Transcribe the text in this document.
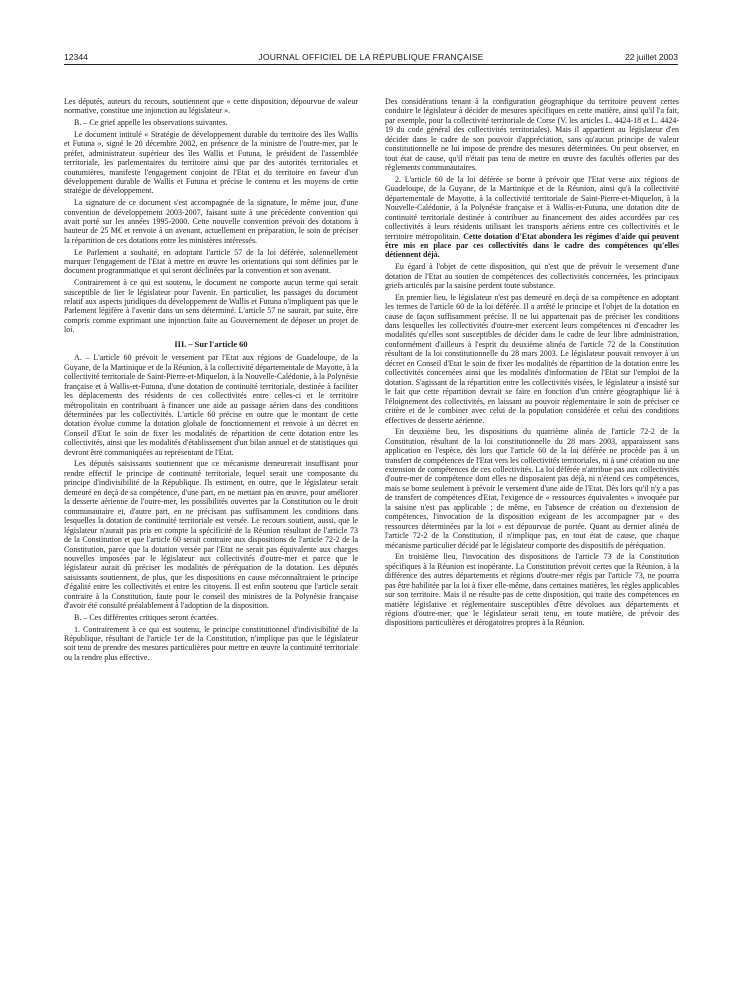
12344	JOURNAL OFFICIEL DE LA RÉPUBLIQUE FRANÇAISE	22 juillet 2003

Les députés, auteurs du recours, soutiennent que « cette disposition, dépourvue de valeur normative, constitue une injonction au législateur ».

B. – Ce grief appelle les observations suivantes.

Le document intitulé « Stratégie de développement durable du territoire des îles Wallis et Futuna », signé le 20 décembre 2002, en présence de la ministre de l'outre-mer, par le préfet, administrateur supérieur des îles Wallis et Futuna, le président de l'assemblée territoriale, les parlementaires du territoire ainsi que par des autorités territoriales et coutumières, manifeste l'engagement conjoint de l'Etat et du territoire en faveur d'un développement durable de Wallis et Futuna et précise le contenu et les moyens de cette stratégie de développement.

La signature de ce document s'est accompagnée de la signature, le même jour, d'une convention de développement 2003-2007, faisant suite à une précédente convention qui avait porté sur les années 1995-2000. Cette nouvelle convention prévoit des dotations à hauteur de 25 M€ et renvoie à un avenant, actuellement en préparation, le soin de préciser la répartition de ces dotations entre les ministères intéressés.

Le Parlement a souhaité, en adoptant l'article 57 de la loi déférée, solennellement marquer l'engagement de l'Etat à mettre en œuvre les orientations qui sont définies par le document programmatique et qui seront déclinées par la convention et son avenant.

Contrairement à ce qui est soutenu, le document ne comporte aucun terme qui serait susceptible de lier le législateur pour l'avenir. En particulier, les passages du document relatif aux aspects juridiques du développement de Wallis et Futuna n'impliquent pas que le Parlement légifère à l'avenir dans un sens déterminé. L'article 57 ne saurait, par suite, être compris comme exprimant une injonction faite au Gouvernement de déposer un projet de loi.

III. – Sur l'article 60

A. – L'article 60 prévoit le versement par l'Etat aux régions de Guadeloupe, de la Guyane, de la Martinique et de la Réunion, à la collectivité départementale de Mayotte, à la collectivité territoriale de Saint-Pierre-et-Miquelon, à la Nouvelle-Calédonie, à la Polynésie française et à Wallis-et-Futuna, d'une dotation de continuité territoriale, destinée à faciliter les déplacements des résidents de ces collectivités entre celles-ci et le territoire métropolitain en contribuant à financer une aide au passage aérien dans des conditions déterminées par les collectivités. L'article 60 précise en outre que le montant de cette dotation évolue comme la dotation globale de fonctionnement et renvoie à un décret en Conseil d'Etat le soin de fixer les modalités de répartition de cette dotation entre les collectivités, ainsi que les modalités d'établissement d'un bilan annuel et de statistiques qui devront être communiquées au représentant de l'Etat.

Les députés saisissants soutiennent que ce mécanisme demeurerait insuffisant pour rendre effectif le principe de continuité territoriale, lequel serait une composante du principe d'indivisibilité de la République. Ils estiment, en outre, que le législateur serait demeuré en deçà de sa compétence, d'une part, en ne mettant pas en œuvre, pour améliorer la desserte aérienne de l'outre-mer, les possibilités ouvertes par la Constitution ou le droit communautaire et, d'autre part, en ne précisant pas suffisamment les conditions dans lesquelles la dotation de continuité territoriale est versée. Le recours soutient, aussi, que le législateur n'aurait pas pris en compte la spécificité de la Réunion résultant de l'article 73 de la Constitution et que l'article 60 serait contraire aux dispositions de l'article 72-2 de la Constitution, parce que la dotation versée par l'Etat ne serait pas équivalente aux charges nouvelles imposées par le législateur aux collectivités d'outre-mer et parce que le législateur aurait dû préciser les modalités de péréquation de la dotation. Les députés saisissants soutiennent, de plus, que les dispositions en cause méconnaîtraient le principe d'égalité entre les collectivités et entre les citoyens. Il est enfin soutenu que l'article serait contraire à la Constitution, faute pour le conseil des ministres de la Polynésie française d'avoir été consulté préalablement à l'adoption de la disposition.

B. – Ces différentes critiques seront écartées.

1. Contrairement à ce qui est soutenu, le principe constitutionnel d'indivisibilité de la République, résultant de l'article 1er de la Constitution, n'implique pas que le législateur soit tenu de prendre des mesures particulières pour mettre en œuvre la continuité territoriale ou la rendre plus effective.

Des considérations tenant à la configuration géographique du territoire peuvent certes conduire le législateur à décider de mesures spécifiques en cette matière, ainsi qu'il l'a fait, par exemple, pour la collectivité territoriale de Corse (V. les articles L. 4424-18 et L. 4424-19 du code général des collectivités territoriales). Mais il appartient au législateur d'en décider dans le cadre de son pouvoir d'appréciation, sans qu'aucun principe de valeur constitutionnelle ne lui impose de prendre des mesures déterminées. On peut observer, en tout état de cause, qu'il n'était pas tenu de mettre en œuvre des facultés offertes par des règlements communautaires.

2. L'article 60 de la loi déférée se borne à prévoir que l'Etat verse aux régions de Guadeloupe, de la Guyane, de la Martinique et de la Réunion, ainsi qu'à la collectivité départementale de Mayotte, à la collectivité territoriale de Saint-Pierre-et-Miquelon, à la Nouvelle-Calédonie, à la Polynésie française et à Wallis-et-Futuna, une dotation dite de continuité territoriale destinée à contribuer au financement des aides accordées par ces collectivités à leurs résidents utilisant les transports aériens entre ces collectivités et le territoire métropolitain. Cette dotation d'Etat abondera les régimes d'aide qui peuvent être mis en place par ces collectivités dans le cadre des compétences qu'elles détiennent déjà.

Eu égard à l'objet de cette disposition, qui n'est que de prévoir le versement d'une dotation de l'Etat au soutien de compétences des collectivités concernées, les principaux griefs articulés par la saisine perdent toute substance.

En premier lieu, le législateur n'est pas demeuré en deçà de sa compétence en adoptant les termes de l'article 60 de la loi déférée. Il a arrêté le principe et l'objet de la dotation en cause de façon suffisamment précise. Il ne lui appartenait pas de préciser les conditions dans lesquelles les collectivités d'outre-mer exercent leurs compétences ni d'encadrer les modalités qu'elles sont susceptibles de décider dans le cadre de leur libre administration, conformément d'ailleurs à l'esprit du deuxième alinéa de l'article 72 de la Constitution résultant de la loi constitutionnelle du 28 mars 2003. Le législateur pouvait renvoyer à un décret en Conseil d'Etat le soin de fixer les modalités de répartition de la dotation entre les collectivités concernées ainsi que les modalités d'information de l'Etat sur l'emploi de la dotation. S'agissant de la répartition entre les collectivités visées, le législateur a insisté sur le fait que cette répartition devrait se faire en fonction d'un critère géographique lié à l'éloignement des collectivités, en laissant au pouvoir réglementaire le soin de préciser ce critère et de le combiner avec celui de la population considérée et celui des conditions effectives de desserte aérienne.

En deuxième lieu, les dispositions du quatrième alinéa de l'article 72-2 de la Constitution, résultant de la loi constitutionnelle du 28 mars 2003, apparaissent sans application en l'espèce, dès lors que l'article 60 de la loi déférée ne procède pas à un transfert de compétences de l'Etat vers les collectivités territoriales, ni à une création ou une extension de compétences de ces collectivités. La loi déférée n'attribue pas aux collectivités d'outre-mer de compétence dont elles ne disposaient pas déjà, ni n'étend ces compétences, mais se borne seulement à prévoir le versement d'une aide de l'Etat. Dès lors qu'il n'y a pas de transfert de compétences d'Etat, l'exigence de « ressources équivalentes » invoquée par la saisine n'est pas applicable ; de même, en l'absence de création ou d'extension de compétences, l'invocation de la disposition exigeant de les accompagner par « des ressources déterminées par la loi » est dépourvue de portée. Quant au dernier alinéa de l'article 72-2 de la Constitution, il n'implique pas, en tout état de cause, que chaque mécanisme particulier décidé par le législateur comporte des dispositifs de péréquation.

En troisième lieu, l'invocation des dispositions de l'article 73 de la Constitution spécifiques à la Réunion est inopérante. La Constitution prévoit certes que la Réunion, à la différence des autres départements et régions d'outre-mer régis par l'article 73, ne pourra pas être habilitée par la loi à fixer elle-même, dans certaines matières, les règles applicables sur son territoire. Mais il ne résulte pas de cette disposition, qui traite des compétences en matière législative et réglementaire susceptibles d'être dévolues aux départements et régions d'outre-mer, que le législateur serait tenu, en toute matière, de prévoir des dispositions particulières et dérogatoires propres à la Réunion.
